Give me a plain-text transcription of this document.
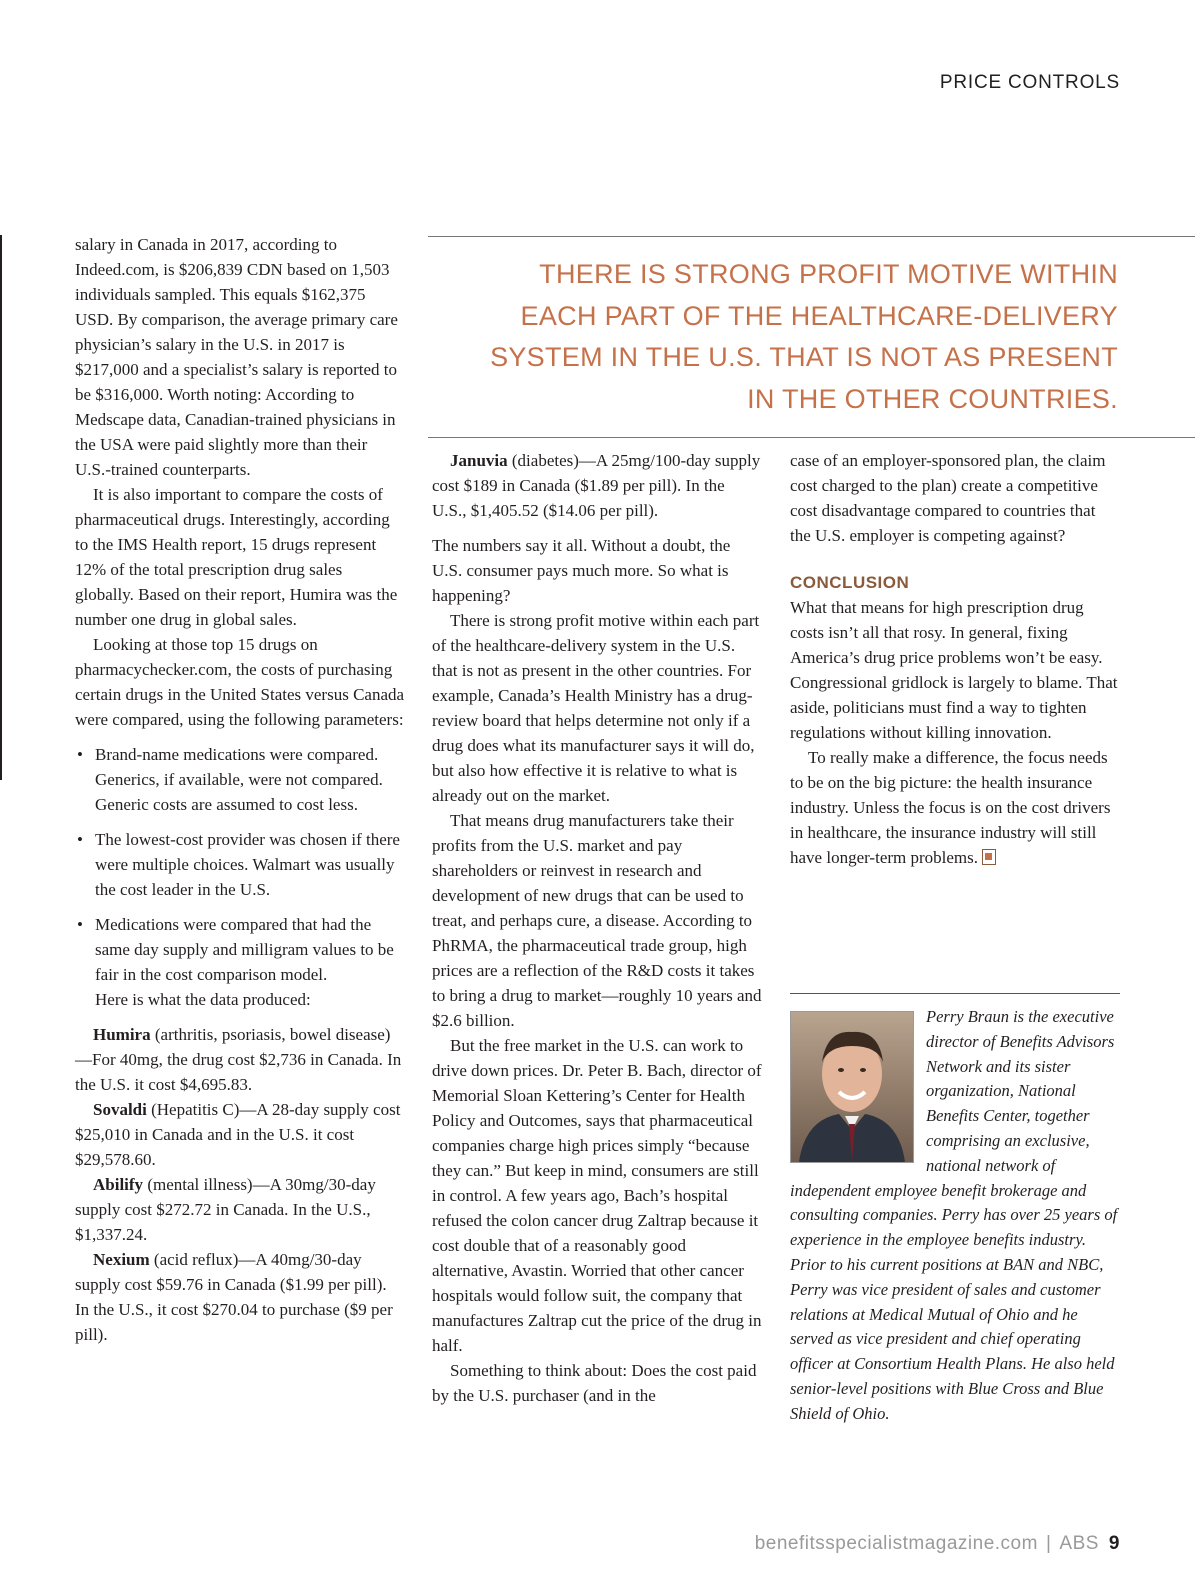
PRICE CONTROLS

salary in Canada in 2017, according to Indeed.com, is $206,839 CDN based on 1,503 individuals sampled. This equals $162,375 USD. By comparison, the average primary care physician’s salary in the U.S. in 2017 is $217,000 and a specialist’s salary is reported to be $316,000. Worth noting: According to Medscape data, Canadian-trained physicians in the USA were paid slightly more than their U.S.-trained counterparts.

It is also important to compare the costs of pharmaceutical drugs. Interestingly, according to the IMS Health report, 15 drugs represent 12% of the total prescription drug sales globally. Based on their report, Humira was the number one drug in global sales.

Looking at those top 15 drugs on pharmacychecker.com, the costs of purchasing certain drugs in the United States versus Canada were compared, using the following parameters:

• Brand-name medications were compared. Generics, if available, were not compared. Generic costs are assumed to cost less.
• The lowest-cost provider was chosen if there were multiple choices. Walmart was usually the cost leader in the U.S.
• Medications were compared that had the same day supply and milligram values to be fair in the cost comparison model.
Here is what the data produced:

Humira (arthritis, psoriasis, bowel disease)—For 40mg, the drug cost $2,736 in Canada. In the U.S. it cost $4,695.83.

Sovaldi (Hepatitis C)—A 28-day supply cost $25,010 in Canada and in the U.S. it cost $29,578.60.

Abilify (mental illness)—A 30mg/30-day supply cost $272.72 in Canada. In the U.S., $1,337.24.

Nexium (acid reflux)—A 40mg/30-day supply cost $59.76 in Canada ($1.99 per pill). In the U.S., it cost $270.04 to purchase ($9 per pill).

THERE IS STRONG PROFIT MOTIVE WITHIN EACH PART OF THE HEALTHCARE-DELIVERY SYSTEM IN THE U.S. THAT IS NOT AS PRESENT IN THE OTHER COUNTRIES.

Januvia (diabetes)—A 25mg/100-day supply cost $189 in Canada ($1.89 per pill). In the U.S., $1,405.52 ($14.06 per pill).

The numbers say it all. Without a doubt, the U.S. consumer pays much more. So what is happening?

There is strong profit motive within each part of the healthcare-delivery system in the U.S. that is not as present in the other countries. For example, Canada’s Health Ministry has a drug-review board that helps determine not only if a drug does what its manufacturer says it will do, but also how effective it is relative to what is already out on the market.

That means drug manufacturers take their profits from the U.S. market and pay shareholders or reinvest in research and development of new drugs that can be used to treat, and perhaps cure, a disease. According to PhRMA, the pharmaceutical trade group, high prices are a reflection of the R&D costs it takes to bring a drug to market—roughly 10 years and $2.6 billion.

But the free market in the U.S. can work to drive down prices. Dr. Peter B. Bach, director of Memorial Sloan Kettering’s Center for Health Policy and Outcomes, says that pharmaceutical companies charge high prices simply “because they can.” But keep in mind, consumers are still in control. A few years ago, Bach’s hospital refused the colon cancer drug Zaltrap because it cost double that of a reasonably good alternative, Avastin. Worried that other cancer hospitals would follow suit, the company that manufactures Zaltrap cut the price of the drug in half.

Something to think about: Does the cost paid by the U.S. purchaser (and in the

case of an employer-sponsored plan, the claim cost charged to the plan) create a competitive cost disadvantage compared to countries that the U.S. employer is competing against?

CONCLUSION

What that means for high prescription drug costs isn’t all that rosy. In general, fixing America’s drug price problems won’t be easy. Congressional gridlock is largely to blame. That aside, politicians must find a way to tighten regulations without killing innovation.

To really make a difference, the focus needs to be on the big picture: the health insurance industry. Unless the focus is on the cost drivers in healthcare, the insurance industry will still have longer-term problems.

Perry Braun is the executive director of Benefits Advisors Network and its sister organization, National Benefits Center, together comprising an exclusive, national network of independent employee benefit brokerage and consulting companies. Perry has over 25 years of experience in the employee benefits industry. Prior to his current positions at BAN and NBC, Perry was vice president of sales and customer relations at Medical Mutual of Ohio and he served as vice president and chief operating officer at Consortium Health Plans. He also held senior-level positions with Blue Cross and Blue Shield of Ohio.
benefitsspecialistmagazine.com | ABS 9
